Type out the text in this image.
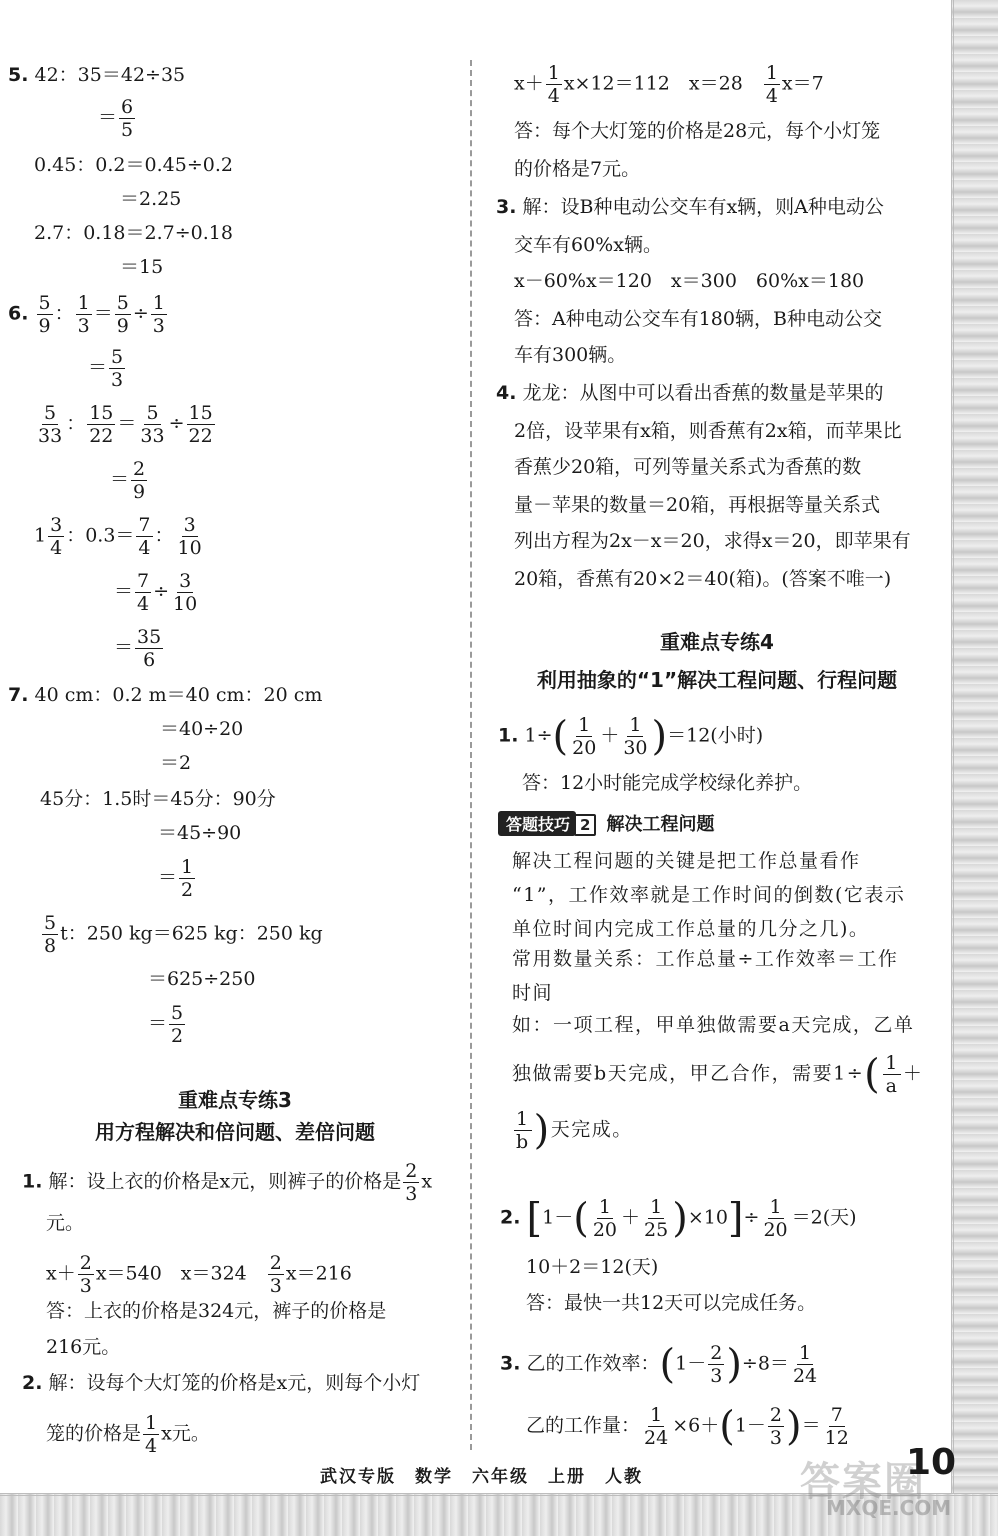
5. 42：35＝42÷35
＝ $\frac{6}{5}$
0.45：0.2＝0.45÷0.2
＝2.25
2.7：0.18＝2.7÷0.18
＝15
6. $\frac{5}{9}$ ： $\frac{1}{3} = \frac{5}{9} \div \frac{1}{3}$
＝ $\frac{5}{3}$
$\frac{5}{33}$ ： $\frac{15}{22} = \frac{5}{33} \div \frac{15}{22}$
＝ $\frac{2}{9}$
$1 \frac{3}{4}$ ：$0.3= \frac{7}{4}$ ： $\frac{3}{10}$
＝ $\frac{7}{4} \div \frac{3}{10}$
＝ $\frac{35}{6}$
7. 40 cm：0.2 m＝40 cm：20 cm
＝40÷20
＝2
45分：1.5时＝45分：90分
＝45÷90
＝ $\frac{1}{2}$
$\frac{5}{8}$ t：250 kg＝625 kg：250 kg
＝625÷250
＝ $\frac{5}{2}$
重难点专练3
用方程解决和倍问题、差倍问题
1. 解：设上衣的价格是x元，则裤子的价格是 $\frac{2}{3}$ x
元。
$x+ \frac{2}{3} x=540$　x＝324　 $\frac{2}{3} x=216$
答：上衣的价格是324元，裤子的价格是
216元。
2. 解：设每个大灯笼的价格是x元，则每个小灯
笼的价格是 $\frac{1}{4}$ x元。
$x+ \frac{1}{4} x\times 12=112$　x＝28　 $\frac{1}{4} x=7$
答：每个大灯笼的价格是28元，每个小灯笼
的价格是7元。
3. 解：设B种电动公交车有x辆，则A种电动公
交车有60%x辆。
x－60%x＝120　x＝300　60%x＝180
答：A种电动公交车有180辆，B种电动公交
车有300辆。
4. 龙龙：从图中可以看出香蕉的数量是苹果的
2倍，设苹果有x箱，则香蕉有2x箱，而苹果比
香蕉少20箱，可列等量关系式为香蕉的数
量－苹果的数量＝20箱，再根据等量关系式
列出方程为2x－x＝20，求得x＝20，即苹果有
20箱，香蕉有20×2＝40(箱)。(答案不唯一)
重难点专练4
利用抽象的“1”解决工程问题、行程问题
1. $1\div( \frac{1}{20} + \frac{1}{30} )=12$(小时)
答：12小时能完成学校绿化养护。
答题技巧 2 解决工程问题
解决工程问题的关键是把工作总量看作
“1”，工作效率就是工作时间的倒数(它表示
单位时间内完成工作总量的几分之几)。
常用数量关系：工作总量÷工作效率＝工作
时间
如：一项工程，甲单独做需要a天完成，乙单
独做需要b天完成，甲乙合作，需要$1\div( \frac{1}{a}$ ＋
$\frac{1}{b}$ )天完成。
2. $[1-( \frac{1}{20} + \frac{1}{25} )\times 10]\div \frac{1}{20} =2$(天)
10＋2＝12(天)
答：最快一共12天可以完成任务。
3. 乙的工作效率：$(1- \frac{2}{3} )\div 8= \frac{1}{24}$
乙的工作量： $\frac{1}{24} \times 6+(1- \frac{2}{3}$ )＝ $\frac{7}{12}$
武汉专版　数学　六年级　上册　人教	答案圈
MXQE.COM
10
